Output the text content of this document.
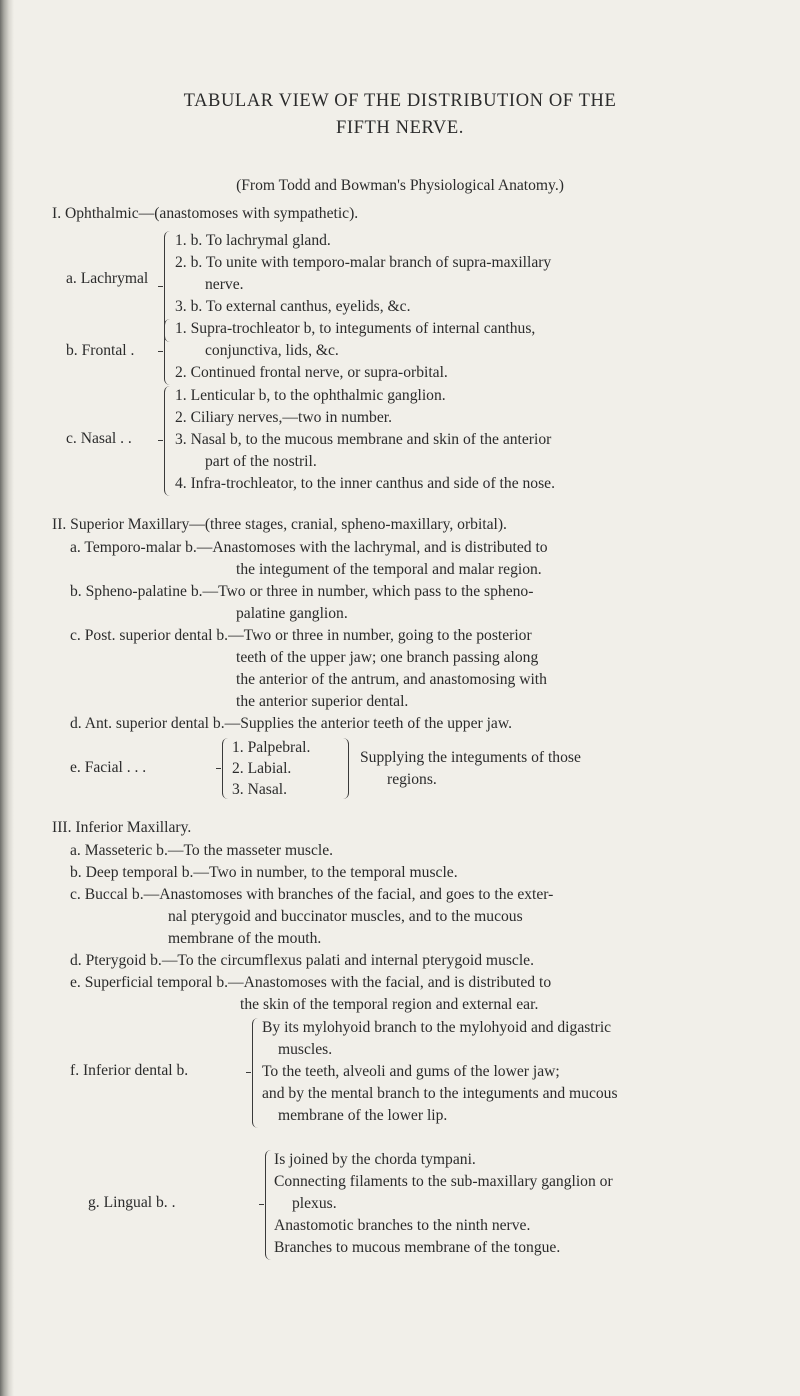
TABULAR VIEW OF THE DISTRIBUTION OF THE
FIFTH NERVE.
(From Todd and Bowman's Physiological Anatomy.)
I. Ophthalmic—(anastomoses with sympathetic).
a. Lachrymal
1. b. To lachrymal gland.
2. b. To unite with temporo-malar branch of supra-maxillary
nerve.
3. b. To external canthus, eyelids, &c.
b. Frontal .
1. Supra-trochleator b, to integuments of internal canthus,
conjunctiva, lids, &c.
2. Continued frontal nerve, or supra-orbital.
c. Nasal . .
1. Lenticular b, to the ophthalmic ganglion.
2. Ciliary nerves,—two in number.
3. Nasal b, to the mucous membrane and skin of the anterior
part of the nostril.
4. Infra-trochleator, to the inner canthus and side of the nose.
II. Superior Maxillary—(three stages, cranial, spheno-maxillary, orbital).
a. Temporo-malar b.—Anastomoses with the lachrymal, and is distributed to
the integument of the temporal and malar region.
b. Spheno-palatine b.—Two or three in number, which pass to the spheno-
palatine ganglion.
c. Post. superior dental b.—Two or three in number, going to the posterior
teeth of the upper jaw; one branch passing along
the anterior of the antrum, and anastomosing with
the anterior superior dental.
d. Ant. superior dental b.—Supplies the anterior teeth of the upper jaw.
e. Facial . . .
1. Palpebral.
2. Labial.
3. Nasal.
Supplying the integuments of those
regions.
III. Inferior Maxillary.
a. Masseteric b.—To the masseter muscle.
b. Deep temporal b.—Two in number, to the temporal muscle.
c. Buccal b.—Anastomoses with branches of the facial, and goes to the exter-
nal pterygoid and buccinator muscles, and to the mucous
membrane of the mouth.
d. Pterygoid b.—To the circumflexus palati and internal pterygoid muscle.
e. Superficial temporal b.—Anastomoses with the facial, and is distributed to
the skin of the temporal region and external ear.
f. Inferior dental b.
By its mylohyoid branch to the mylohyoid and digastric
muscles.
To the teeth, alveoli and gums of the lower jaw;
and by the mental branch to the integuments and mucous
membrane of the lower lip.
g. Lingual b. .
Is joined by the chorda tympani.
Connecting filaments to the sub-maxillary ganglion or
plexus.
Anastomotic branches to the ninth nerve.
Branches to mucous membrane of the tongue.
